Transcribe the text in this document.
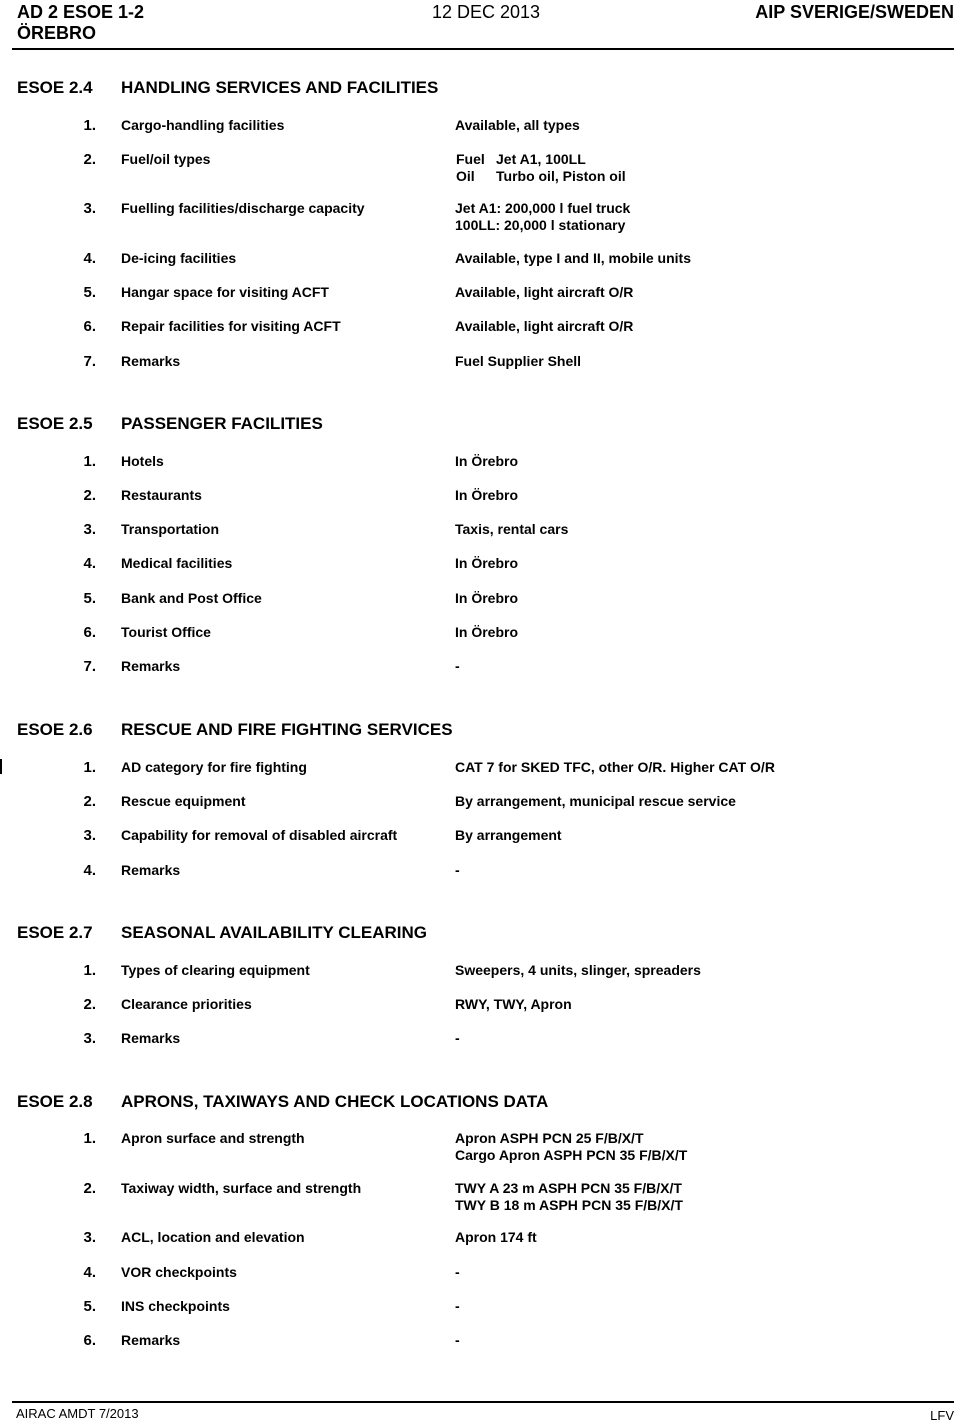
AD 2 ESOE 1-2
ÖREBRO
12 DEC 2013	AIP SVERIGE/SWEDEN
ESOE 2.4 HANDLING SERVICES AND FACILITIES
1. Cargo-handling facilities	Available, all types
2. Fuel/oil types	Fuel	Jet A1, 100LL
Oil	Turbo oil, Piston oil
3. Fuelling facilities/discharge capacity	Jet A1: 200,000 l fuel truck
100LL: 20,000 l stationary
4. De-icing facilities	Available, type I and II, mobile units
5. Hangar space for visiting ACFT	Available, light aircraft O/R
6. Repair facilities for visiting ACFT	Available, light aircraft O/R
7. Remarks	Fuel Supplier Shell
ESOE 2.5 PASSENGER FACILITIES
1. Hotels	In Örebro
2. Restaurants	In Örebro
3. Transportation	Taxis, rental cars
4. Medical facilities	In Örebro
5. Bank and Post Office	In Örebro
6. Tourist Office	In Örebro
7. Remarks	-
ESOE 2.6 RESCUE AND FIRE FIGHTING SERVICES
1. AD category for fire fighting	CAT 7 for SKED TFC, other O/R. Higher CAT O/R
2. Rescue equipment	By arrangement, municipal rescue service
3. Capability for removal of disabled aircraft	By arrangement
4. Remarks	-
ESOE 2.7 SEASONAL AVAILABILITY CLEARING
1. Types of clearing equipment	Sweepers, 4 units, slinger, spreaders
2. Clearance priorities	RWY, TWY, Apron
3. Remarks	-
ESOE 2.8 APRONS, TAXIWAYS AND CHECK LOCATIONS DATA
1. Apron surface and strength	Apron ASPH PCN 25 F/B/X/T
Cargo Apron ASPH PCN 35 F/B/X/T
2. Taxiway width, surface and strength	TWY A 23 m ASPH PCN 35 F/B/X/T
TWY B 18 m ASPH PCN 35 F/B/X/T
3. ACL, location and elevation	Apron 174 ft
4. VOR checkpoints	-
5. INS checkpoints	-
6. Remarks	-
AIRAC AMDT 7/2013	LFV
